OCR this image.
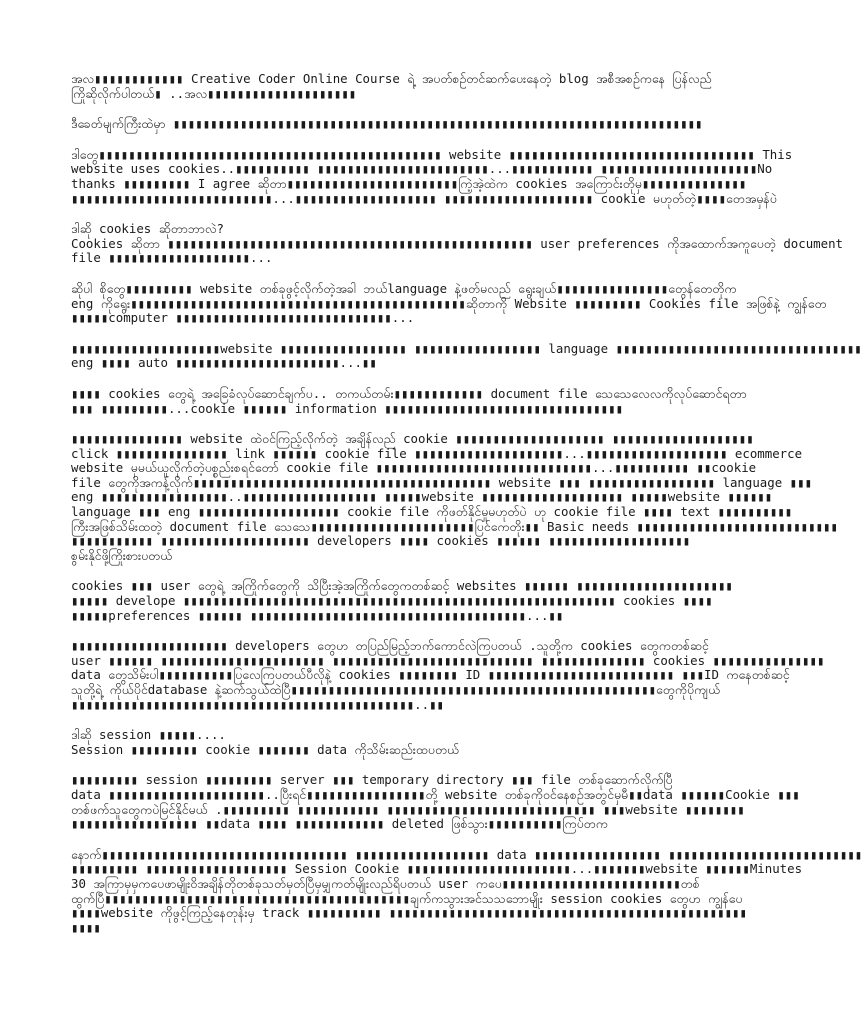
အလ▮▮▮▮▮▮▮▮▮▮▮▮ Creative Coder Online Course ရဲ့ အပတ်စဉ်တင်ဆက်ပေးနေတဲ့ blog အစီအစဉ်ကနေ ပြန်လည်
ကြိုဆိုလိုက်ပါတယ်▮ ..အလ▮▮▮▮▮▮▮▮▮▮▮▮▮▮▮▮▮▮▮▮
ဒီခေတ်မျက်ကြီးထဲမှာ ▮▮▮▮▮▮▮▮▮▮▮▮▮▮▮▮▮▮▮▮▮▮▮▮▮▮▮▮▮▮▮▮▮▮▮▮▮▮▮▮▮▮▮▮▮▮▮▮▮▮▮▮▮▮▮▮▮▮▮▮▮▮▮▮▮▮▮▮▮▮▮
ဒါတွေ▮▮▮▮▮▮▮▮▮▮▮▮▮▮▮▮▮▮▮▮▮▮▮▮▮▮▮▮▮▮▮▮▮▮▮▮▮▮▮▮▮▮▮▮▮▮ website ▮▮▮▮▮▮▮▮▮▮▮▮▮▮▮▮▮▮▮▮▮▮▮▮▮▮▮▮▮▮▮▮▮ This
website uses cookies..▮▮▮▮▮▮▮▮▮▮ ▮▮▮▮▮▮▮▮▮▮▮▮▮▮▮▮▮▮▮▮▮▮▮...▮▮▮▮▮▮▮▮▮▮▮ ▮▮▮▮▮▮▮▮▮▮▮▮▮▮▮▮▮▮▮▮▮No
thanks ▮▮▮▮▮▮▮▮▮ I agree ဆိုတာ▮▮▮▮▮▮▮▮▮▮▮▮▮▮▮▮▮▮▮▮▮▮▮ကြဲ့အဲ့ထဲက cookies အကြောင်းတိုမှ▮▮▮▮▮▮▮▮▮▮▮▮▮▮
▮▮▮▮▮▮▮▮▮▮▮▮▮▮▮▮▮▮▮▮▮▮▮▮▮▮▮...▮▮▮▮▮▮▮▮▮▮▮▮▮▮▮▮▮▮▮ ▮▮▮▮▮▮▮▮▮▮▮▮▮▮▮▮▮▮▮▮ cookie မဟုတ်တဲ့▮▮▮▮တေအမှန်ပဲ
ဒါဆို cookies ဆိုတာဘာလဲ?
Cookies ဆိုတာ ▮▮▮▮▮▮▮▮▮▮▮▮▮▮▮▮▮▮▮▮▮▮▮▮▮▮▮▮▮▮▮▮▮▮▮▮▮▮▮▮▮▮▮▮▮▮▮▮▮ user preferences ကိုအထောက်အကူပေတဲ့ document
file ▮▮▮▮▮▮▮▮▮▮▮▮▮▮▮▮▮▮▮...
ဆိုပါ စိုတွေ▮▮▮▮▮▮▮▮▮ website တစ်ခုဖွင့်လိုက်တဲ့အခါ ဘယ်language နဲ့ဖတ်မလည် ရွေးချယ်▮▮▮▮▮▮▮▮▮▮▮▮▮▮▮တွေန်တေတိုက
eng ကိုရွေး▮▮▮▮▮▮▮▮▮▮▮▮▮▮▮▮▮▮▮▮▮▮▮▮▮▮▮▮▮▮▮▮▮▮▮▮▮▮▮▮▮▮▮▮▮ဆိုတာကို Website ▮▮▮▮▮▮▮▮▮ Cookies file အဖြစ်နဲ့ ကျွန်တေ
▮▮▮▮▮computer ▮▮▮▮▮▮▮▮▮▮▮▮▮▮▮▮▮▮▮▮▮▮▮▮▮▮▮▮▮...
▮▮▮▮▮▮▮▮▮▮▮▮▮▮▮▮▮▮▮▮website ▮▮▮▮▮▮▮▮▮▮▮▮▮▮▮▮▮ ▮▮▮▮▮▮▮▮▮▮▮▮▮▮▮▮▮ language ▮▮▮▮▮▮▮▮▮▮▮▮▮▮▮▮▮▮▮▮▮▮▮▮▮▮▮▮▮▮▮▮▮
eng ▮▮▮▮ auto ▮▮▮▮▮▮▮▮▮▮▮▮▮▮▮▮▮▮▮▮▮▮...▮▮
▮▮▮▮ cookies တွေရဲ့ အခြေခံလုပ်ဆောင်ချက်ပ.. တကယ်တမ်း▮▮▮▮▮▮▮▮▮▮▮▮ document file သေသေလေလကိုလုပ်ဆောင်ရတာ
▮▮▮ ▮▮▮▮▮▮▮▮▮...cookie ▮▮▮▮▮▮ information ▮▮▮▮▮▮▮▮▮▮▮▮▮▮▮▮▮▮▮▮▮▮▮▮▮▮▮▮▮▮▮▮
▮▮▮▮▮▮▮▮▮▮▮▮▮▮▮ website ထဲဝင်ကြည့်လိုက်တဲ့ အချိန်လည် cookie ▮▮▮▮▮▮▮▮▮▮▮▮▮▮▮▮▮▮▮▮ ▮▮▮▮▮▮▮▮▮▮▮▮▮▮▮▮▮▮▮
click ▮▮▮▮▮▮▮▮▮▮▮▮▮▮▮ link ▮▮▮▮▮▮ cookie file ▮▮▮▮▮▮▮▮▮▮▮▮▮▮▮▮▮▮▮▮...▮▮▮▮▮▮▮▮▮▮▮▮▮▮▮▮▮▮▮ ecommerce
website မှမယ်ယူလိုက်တဲ့ပစ္စည်းစရင်တော် cookie file ▮▮▮▮▮▮▮▮▮▮▮▮▮▮▮▮▮▮▮▮▮▮▮▮▮▮▮▮▮...▮▮▮▮▮▮▮▮▮▮ ▮▮cookie
file တွေကိုအကန့်လိုက်▮▮▮▮▮▮▮▮▮▮▮▮▮▮▮▮▮▮▮▮▮▮▮▮▮▮▮▮▮▮▮▮▮▮▮▮▮▮▮▮ website ▮▮▮ ▮▮▮▮▮▮▮▮▮▮▮▮▮▮▮▮▮ language ▮▮▮
eng ▮▮▮▮▮▮▮▮▮▮▮▮▮▮▮▮▮..▮▮▮▮▮▮▮▮▮▮▮▮▮▮▮▮▮▮ ▮▮▮▮▮website ▮▮▮▮▮▮▮▮▮▮▮▮▮▮▮▮▮▮▮ ▮▮▮▮▮website ▮▮▮▮▮▮
language ▮▮▮ eng ▮▮▮▮▮▮▮▮▮▮▮▮▮▮▮▮▮▮▮ cookie file ကိုဖတ်နိုင်မှုမဟုတ်ပဲ ဟု cookie file ▮▮▮▮ text ▮▮▮▮▮▮▮▮▮▮
ကြီးအဖြစ်သိမ်းထတဲ့ document file သေသေ▮▮▮▮▮▮▮▮▮▮▮▮▮▮▮▮▮▮▮▮▮▮ပြင်ကေတိုး▮▮ Basic needs ▮▮▮▮▮▮▮▮▮▮▮▮▮▮▮▮▮▮▮▮▮▮▮▮▮▮▮
▮▮▮▮▮▮▮▮▮▮▮ ▮▮▮▮▮▮▮▮▮▮▮▮▮▮▮▮▮▮▮▮ developers ▮▮▮▮ cookies ▮▮▮▮▮▮ ▮▮▮▮▮▮▮▮▮▮▮▮▮▮▮▮▮▮▮
စွမ်းနိုင်ဖို့ကြိုးစားပတယ်
cookies ▮▮▮ user တွေရဲ့ အကြိုက်တွေကို သိပြီးအဲ့အကြိုက်တွေကတစ်ဆင့် websites ▮▮▮▮▮▮ ▮▮▮▮▮▮▮▮▮▮▮▮▮▮▮▮▮▮▮▮▮
▮▮▮▮▮ develope ▮▮▮▮▮▮▮▮▮▮▮▮▮▮▮▮▮▮▮▮▮▮▮▮▮▮▮▮▮▮▮▮▮▮▮▮▮▮▮▮▮▮▮▮▮▮▮▮▮▮▮▮▮▮▮▮▮▮ cookies ▮▮▮▮
▮▮▮▮▮preferences ▮▮▮▮▮▮ ▮▮▮▮▮▮▮▮▮▮▮▮▮▮▮▮▮▮▮▮▮▮▮▮▮▮▮▮▮▮▮▮▮▮▮▮▮...▮▮
▮▮▮▮▮▮▮▮▮▮▮▮▮▮▮▮▮▮▮▮▮ developers တွေဟ တပြည်မြည့်ဘက်ကောင်လဲကြပတယ် .သူတို့က cookies တွေကတစ်ဆင့်
user ▮▮▮▮▮▮ ▮▮▮▮▮▮▮▮▮▮▮▮▮▮▮▮▮▮▮▮▮▮ ▮▮▮▮▮▮▮▮▮▮▮▮▮▮▮▮▮▮▮▮▮▮▮▮▮▮▮ ▮▮▮▮▮▮▮▮▮▮▮▮▮▮ cookies ▮▮▮▮▮▮▮▮▮▮▮▮▮▮▮
data တွေသိမ်းပါ▮▮▮▮▮▮▮▮▮▮ပြလေကြပတယ်ပီလိုနဲ့ cookies ▮▮▮▮▮▮▮▮ ID ▮▮▮▮▮▮▮▮▮▮▮▮▮▮▮▮▮▮▮▮▮▮▮▮▮ ▮▮▮ID ကနေတစ်ဆင့်
သူတို့ရဲ့ ကိုယ်ပိုင်database နဲ့ဆက်သွယ်ထဲပြီ▮▮▮▮▮▮▮▮▮▮▮▮▮▮▮▮▮▮▮▮▮▮▮▮▮▮▮▮▮▮▮▮▮▮▮▮▮▮▮▮▮▮▮▮▮▮▮▮▮တွေကိုပိုကျယ်
▮▮▮▮▮▮▮▮▮▮▮▮▮▮▮▮▮▮▮▮▮▮▮▮▮▮▮▮▮▮▮▮▮▮▮▮▮▮▮▮▮▮▮▮▮▮..▮▮
ဒါဆို session ▮▮▮▮▮....
Session ▮▮▮▮▮▮▮▮▮ cookie ▮▮▮▮▮▮▮ data ကိုသိမ်းဆည်းထပတယ်
▮▮▮▮▮▮▮▮▮ session ▮▮▮▮▮▮▮▮▮ server ▮▮▮ temporary directory ▮▮▮ file တစ်ခုဆောက်လိုက်ပြီ
data ▮▮▮▮▮▮▮▮▮▮▮▮▮▮▮▮▮▮▮▮▮..ပြီးရင်▮▮▮▮▮▮▮▮▮▮▮▮▮▮▮▮တို့ website တစ်ခုကိုဝင်နေစဉ်အတွင်မှမီ▮▮data ▮▮▮▮▮▮Cookie ▮▮▮
တစ်ဖက်သူတွေကပဲမြင်နိုင်မယ် .▮▮▮▮▮▮▮▮▮ ▮▮▮▮▮▮▮▮▮▮▮ ▮▮▮▮▮▮▮▮▮▮▮▮▮▮▮▮▮▮▮▮▮▮▮▮▮▮▮▮ ▮▮▮website ▮▮▮▮▮▮▮▮
▮▮▮▮▮▮▮▮▮▮▮▮▮▮▮▮▮ ▮▮data ▮▮▮▮ ▮▮▮▮▮▮▮▮▮▮▮▮ deleted ဖြစ်သွား▮▮▮▮▮▮▮▮▮▮ကြပ်တက
နောက်▮▮▮▮▮▮▮▮▮▮▮▮▮▮▮▮▮▮▮▮▮▮▮▮▮▮▮▮▮▮▮▮▮ ▮▮▮▮▮▮▮▮▮▮▮▮▮▮▮▮▮▮ data ▮▮▮▮▮▮▮▮▮▮▮▮▮▮▮▮▮ ▮▮▮▮▮▮▮▮▮▮▮▮▮▮▮▮▮▮▮▮▮▮▮▮▮▮
▮▮▮▮▮▮▮▮▮ ▮▮▮▮▮▮▮▮▮▮▮▮▮▮▮▮▮▮▮ Session Cookie ▮▮▮▮▮▮▮▮▮▮▮▮▮▮▮▮▮▮▮▮▮▮...▮▮▮▮▮▮▮website ▮▮▮▮▮▮Minutes
30 အကြာမှမှကပေဖာမျိုးဝိအချိန်တိုတစ်ခုသတ်မှတ်ပြီမှမျှကတ်မျိုးလည်ရိပတယ် user ကပေ▮▮▮▮▮▮▮▮▮▮▮▮▮▮▮▮▮▮▮▮▮▮▮▮တစ်
ထွက်ပြီ▮▮▮▮▮▮▮▮▮▮▮▮▮▮▮▮▮▮▮▮▮▮▮▮▮▮▮▮▮▮▮▮▮▮▮▮▮▮▮▮▮ချက်ကသွားအင်သသဘောမျိုး session cookies တွေဟ ကျွန်ပေ
▮▮▮▮website ကိုဖွင့်ကြည့်နေတုန်းမှ track ▮▮▮▮▮▮▮▮▮▮ ▮▮▮▮▮▮▮▮▮▮▮▮▮▮▮▮▮▮▮▮▮▮▮▮▮▮▮▮▮▮▮▮▮▮▮▮▮▮▮▮▮▮▮▮▮▮▮▮
▮▮▮▮
